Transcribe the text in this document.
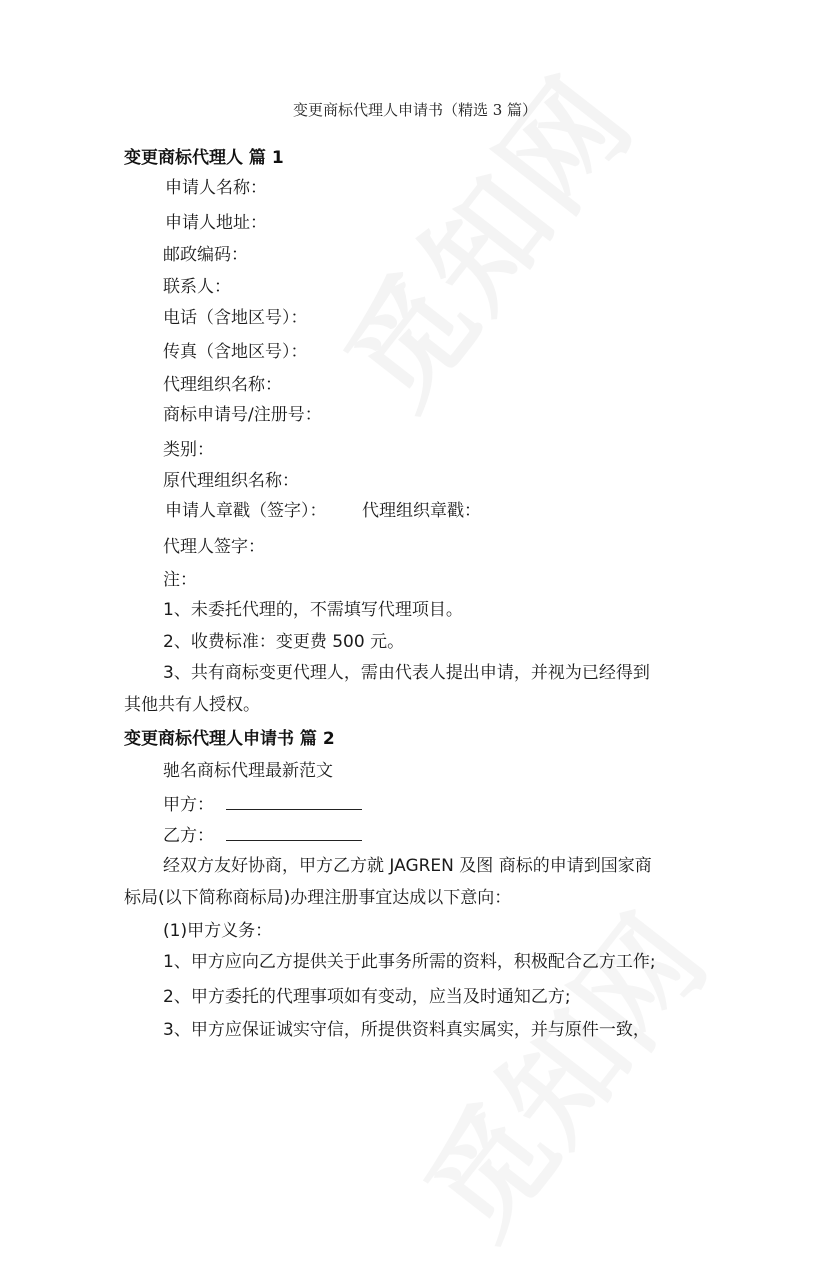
变更商标代理人申请书（精选 3 篇）
变更商标代理人 篇 1
申请人名称：
申请人地址：
邮政编码：
联系人：
电话（含地区号）：
传真（含地区号）：
代理组织名称：
商标申请号/注册号：
类别：
原代理组织名称：
申请人章戳（签字）： 代理组织章戳：
代理人签字：
注：
1、未委托代理的，不需填写代理项目。
2、收费标准：变更费 500 元。
3、共有商标变更代理人，需由代表人提出申请，并视为已经得到
其他共有人授权。
变更商标代理人申请书 篇 2
驰名商标代理最新范文
甲方：
乙方：
经双方友好协商，甲方乙方就 JAGREN 及图 商标的申请到国家商
标局(以下简称商标局)办理注册事宜达成以下意向：
(1)甲方义务：
1、甲方应向乙方提供关于此事务所需的资料，积极配合乙方工作;
2、甲方委托的代理事项如有变动，应当及时通知乙方;
3、甲方应保证诚实守信，所提供资料真实属实，并与原件一致，
